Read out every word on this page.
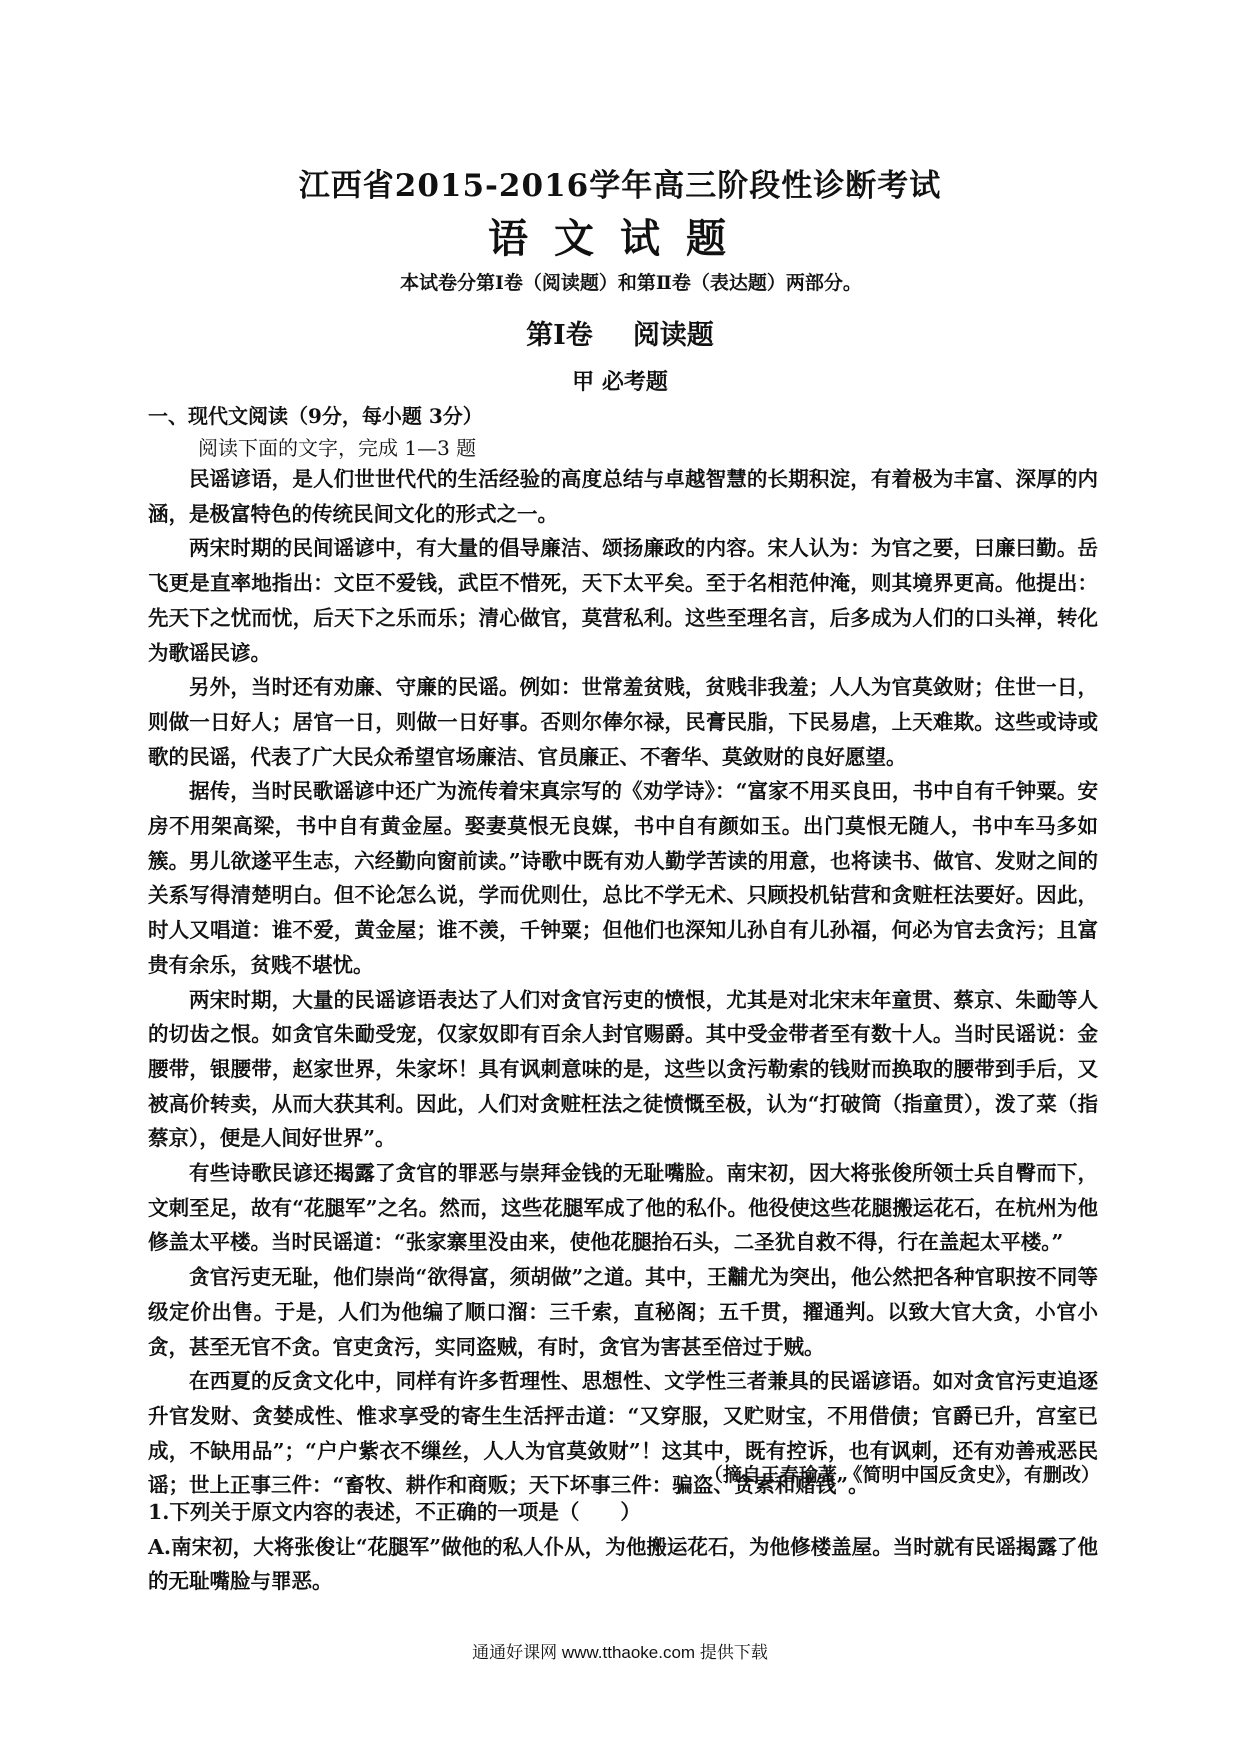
江西省2015-2016学年高三阶段性诊断考试
语文试题
本试卷分第Ⅰ卷（阅读题）和第Ⅱ卷（表达题）两部分。
第Ⅰ卷 阅读题
甲 必考题
一、现代文阅读（9分，每小题 3分）
阅读下面的文字，完成 1—3 题

民谣谚语，是人们世世代代的生活经验的高度总结与卓越智慧的长期积淀，有着极为丰富、深厚的内涵，是极富特色的传统民间文化的形式之一。

两宋时期的民间谣谚中，有大量的倡导廉洁、颂扬廉政的内容。宋人认为：为官之要，曰廉曰勤。岳飞更是直率地指出：文臣不爱钱，武臣不惜死，天下太平矣。至于名相范仲淹，则其境界更高。他提出：先天下之忧而忧，后天下之乐而乐；清心做官，莫营私利。这些至理名言，后多成为人们的口头禅，转化为歌谣民谚。

另外，当时还有劝廉、守廉的民谣。例如：世常羞贫贱，贫贱非我羞；人人为官莫敛财；住世一日，则做一日好人；居官一日，则做一日好事。否则尔俸尔禄，民膏民脂，下民易虐，上天难欺。这些或诗或歌的民谣，代表了广大民众希望官场廉洁、官员廉正、不奢华、莫敛财的良好愿望。

据传，当时民歌谣谚中还广为流传着宋真宗写的《劝学诗》：“富家不用买良田，书中自有千钟粟。安房不用架高梁，书中自有黄金屋。娶妻莫恨无良媒，书中自有颜如玉。出门莫恨无随人，书中车马多如簇。男儿欲遂平生志，六经勤向窗前读。”诗歌中既有劝人勤学苦读的用意，也将读书、做官、发财之间的关系写得清楚明白。但不论怎么说，学而优则仕，总比不学无术、只顾投机钻营和贪赃枉法要好。因此，时人又唱道：谁不爱，黄金屋；谁不羡，千钟粟；但他们也深知儿孙自有儿孙福，何必为官去贪污；且富贵有余乐，贫贱不堪忧。

两宋时期，大量的民谣谚语表达了人们对贪官污吏的愤恨，尤其是对北宋末年童贯、蔡京、朱勔等人的切齿之恨。如贪官朱勔受宠，仅家奴即有百余人封官赐爵。其中受金带者至有数十人。当时民谣说：金腰带，银腰带，赵家世界，朱家坏！具有讽刺意味的是，这些以贪污勒索的钱财而换取的腰带到手后，又被高价转卖，从而大获其利。因此，人们对贪赃枉法之徒愤慨至极，认为“打破筒（指童贯），泼了菜（指蔡京），便是人间好世界”。

有些诗歌民谚还揭露了贪官的罪恶与崇拜金钱的无耻嘴脸。南宋初，因大将张俊所领士兵自臀而下，文刺至足，故有“花腿军”之名。然而，这些花腿军成了他的私仆。他役使这些花腿搬运花石，在杭州为他修盖太平楼。当时民谣道：“张家寨里没由来，使他花腿抬石头，二圣犹自救不得，行在盖起太平楼。”

贪官污吏无耻，他们崇尚“欲得富，须胡做”之道。其中，王黼尤为突出，他公然把各种官职按不同等级定价出售。于是，人们为他编了顺口溜：三千索，直秘阁；五千贯，擢通判。以致大官大贪，小官小贪，甚至无官不贪。官吏贪污，实同盗贼，有时，贪官为害甚至倍过于贼。

在西夏的反贪文化中，同样有许多哲理性、思想性、文学性三者兼具的民谣谚语。如对贪官污吏追逐升官发财、贪婪成性、惟求享受的寄生生活抨击道：“又穿服，又贮财宝，不用借债；官爵已升，宫室已成，不缺用品”；“户户紫衣不缫丝，人人为官莫敛财”！这其中，既有控诉，也有讽刺，还有劝善戒恶民谣；世上正事三件：“畜牧、耕作和商贩；天下坏事三件：骗盗、贪索和赌钱”。

（摘自王春瑜著 《简明中国反贪史》，有删改）

1.下列关于原文内容的表述，不正确的一项是（　　）

A.南宋初，大将张俊让“花腿军”做他的私人仆从，为他搬运花石，为他修楼盖屋。当时就有民谣揭露了他的无耻嘴脸与罪恶。

通通好课网 www.tthaoke.com 提供下载
